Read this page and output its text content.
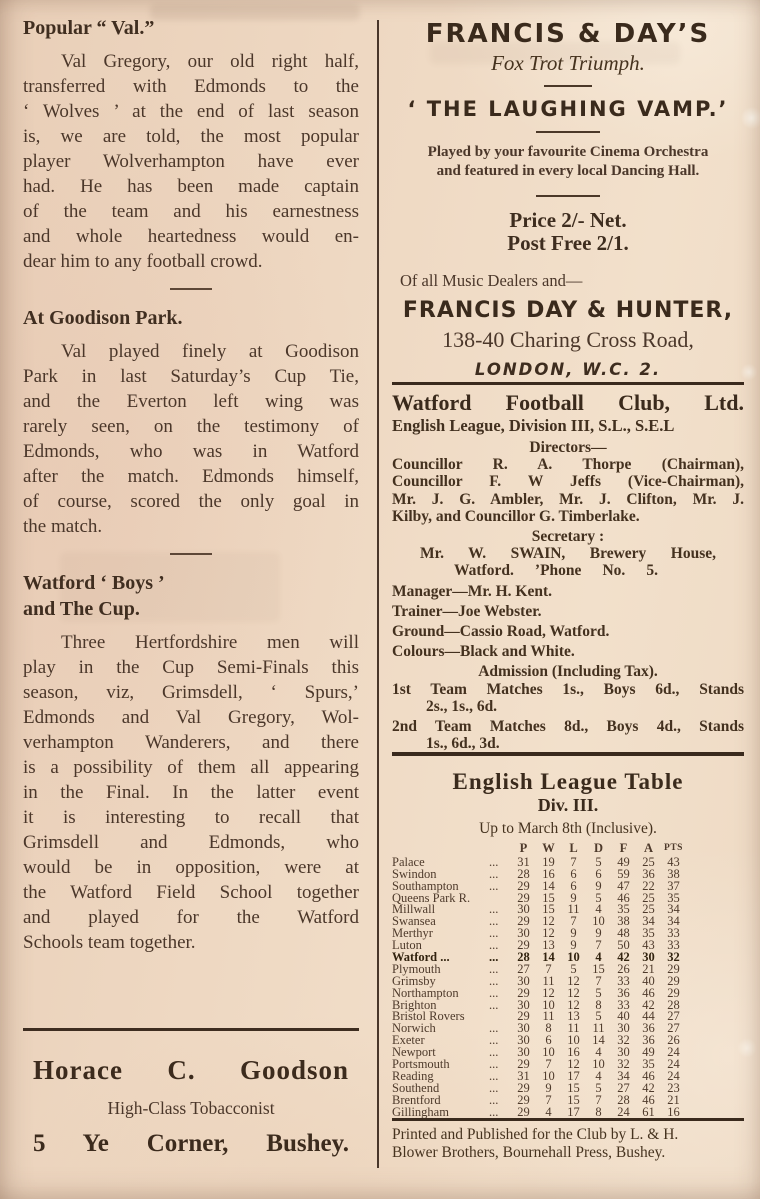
Popular “ Val.”
Val Gregory, our old right half,
transferred with Edmonds to the
‘ Wolves ’ at the end of last season
is, we are told, the most popular
player Wolverhampton have ever
had. He has been made captain
of the team and his earnestness
and whole heartedness would en-
dear him to any football crowd.
At Goodison Park.
Val played finely at Goodison
Park in last Saturday’s Cup Tie,
and the Everton left wing was
rarely seen, on the testimony of
Edmonds, who was in Watford
after the match. Edmonds himself,
of course, scored the only goal in
the match.
Watford ‘ Boys ’
and The Cup.
Three Hertfordshire men will
play in the Cup Semi-Finals this
season, viz, Grimsdell, ‘ Spurs,’
Edmonds and Val Gregory, Wol-
verhampton Wanderers, and there
is a possibility of them all appearing
in the Final. In the latter event
it is interesting to recall that
Grimsdell and Edmonds, who
would be in opposition, were at
the Watford Field School together
and played for the Watford
Schools team together.
Horace C. Goodson
High-Class Tobacconist
5 Ye Corner, Bushey.
FRANCIS & DAY’S
Fox Trot Triumph.
‘ THE LAUGHING VAMP.’
Played by your favourite Cinema Orchestra
and featured in every local Dancing Hall.
Price 2/- Net.
Post Free 2/1.
Of all Music Dealers and—
FRANCIS DAY & HUNTER,
138-40 Charing Cross Road,
LONDON, W.C. 2.
Watford Football Club, Ltd.
English League, Division III, S.L., S.E.L
Directors—
Councillor R. A. Thorpe (Chairman),
Councillor F. W Jeffs (Vice-Chairman),
Mr. J. G. Ambler, Mr. J. Clifton, Mr. J.
Kilby, and Councillor G. Timberlake.
Secretary :
Mr. W. SWAIN, Brewery House,
Watford. ’Phone No. 5.
Manager—Mr. H. Kent.
Trainer—Joe Webster.
Ground—Cassio Road, Watford.
Colours—Black and White.
Admission (Including Tax).
1st Team Matches 1s., Boys 6d., Stands
2s., 1s., 6d.
2nd Team Matches 8d., Boys 4d., Stands
1s., 6d., 3d.
English League Table
Div. III.
Up to March 8th (Inclusive).
P	W	L	D	F	A	PTS
Palace	...	31	19	7	5	49	25	43
Swindon	...	28	16	6	6	59	36	38
Southampton	...	29	14	6	9	47	22	37
Queens Park R.	29	15	9	5	46	25	35
Millwall	...	30	15	11	4	35	25	34
Swansea	...	29	12	7	10	38	34	34
Merthyr	...	30	12	9	9	48	35	33
Luton	...	29	13	9	7	50	43	33
Watford ...	...	28	14	10	4	42	30	32
Plymouth	...	27	7	5	15	26	21	29
Grimsby	...	30	11	12	7	33	40	29
Northampton	...	29	12	12	5	36	46	29
Brighton	...	30	10	12	8	33	42	28
Bristol Rovers	29	11	13	5	40	44	27
Norwich	...	30	8	11	11	30	36	27
Exeter	...	30	6	10	14	32	36	26
Newport	...	30	10	16	4	30	49	24
Portsmouth	...	29	7	12	10	32	35	24
Reading	...	31	10	17	4	34	46	24
Southend	...	29	9	15	5	27	42	23
Brentford	...	29	7	15	7	28	46	21
Gillingham	...	29	4	17	8	24	61	16
Printed and Published for the Club by L. & H.
Blower Brothers, Bournehall Press, Bushey.
